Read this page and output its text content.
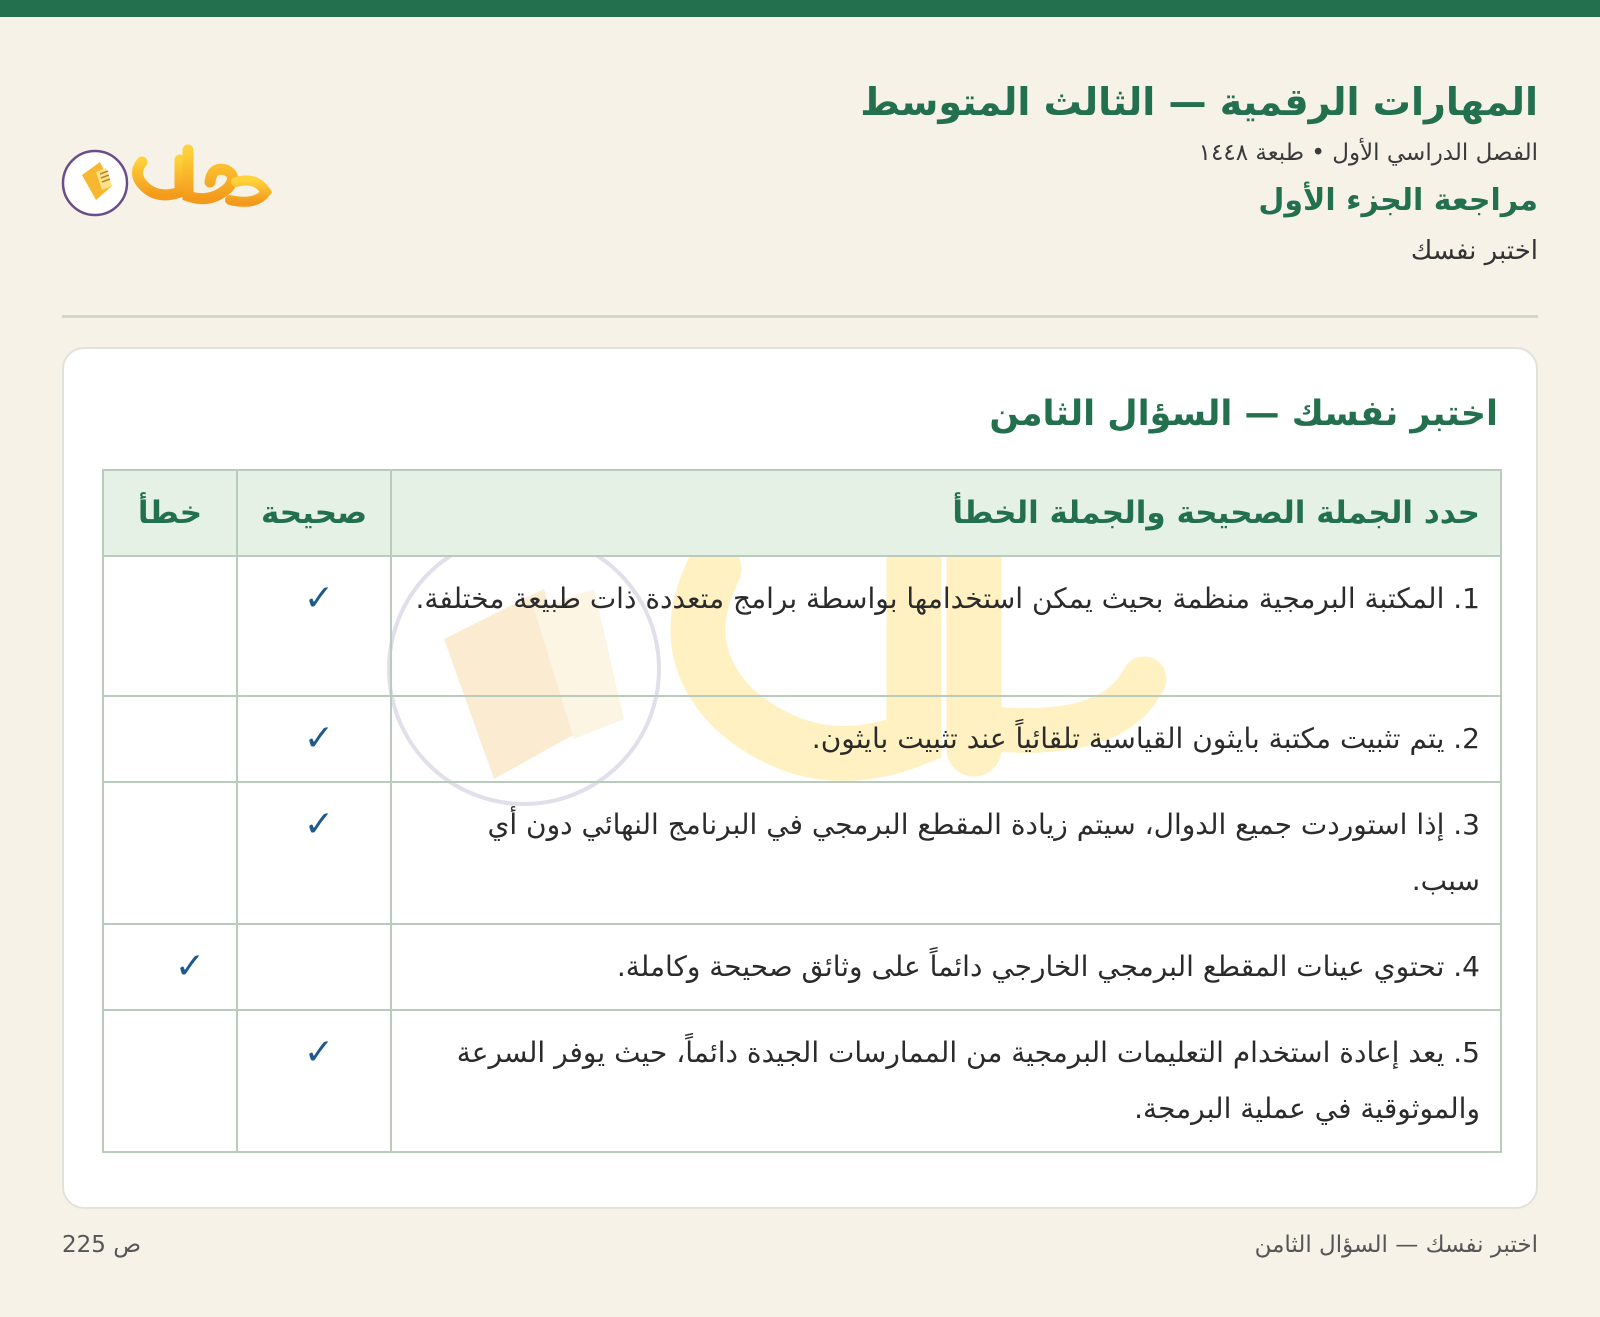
المهارات الرقمية — الثالث المتوسط
الفصل الدراسي الأول • طبعة ١٤٤٨
مراجعة الجزء الأول
اختبر نفسك
حلول
اختبر نفسك — السؤال الثامن
حدد الجملة الصحيحة والجملة الخطأ	صحيحة	خطأ
1. المكتبة البرمجية منظمة بحيث يمكن استخدامها بواسطة برامج متعددة ذات طبيعة مختلفة.	✓	
2. يتم تثبيت مكتبة بايثون القياسية تلقائياً عند تثبيت بايثون.	✓	
3. إذا استوردت جميع الدوال، سيتم زيادة المقطع البرمجي في البرنامج النهائي دون أي سبب.	✓	
4. تحتوي عينات المقطع البرمجي الخارجي دائماً على وثائق صحيحة وكاملة.		✓
5. يعد إعادة استخدام التعليمات البرمجية من الممارسات الجيدة دائماً، حيث يوفر السرعة والموثوقية في عملية البرمجة.	✓	
اختبر نفسك — السؤال الثامن
ص 225
